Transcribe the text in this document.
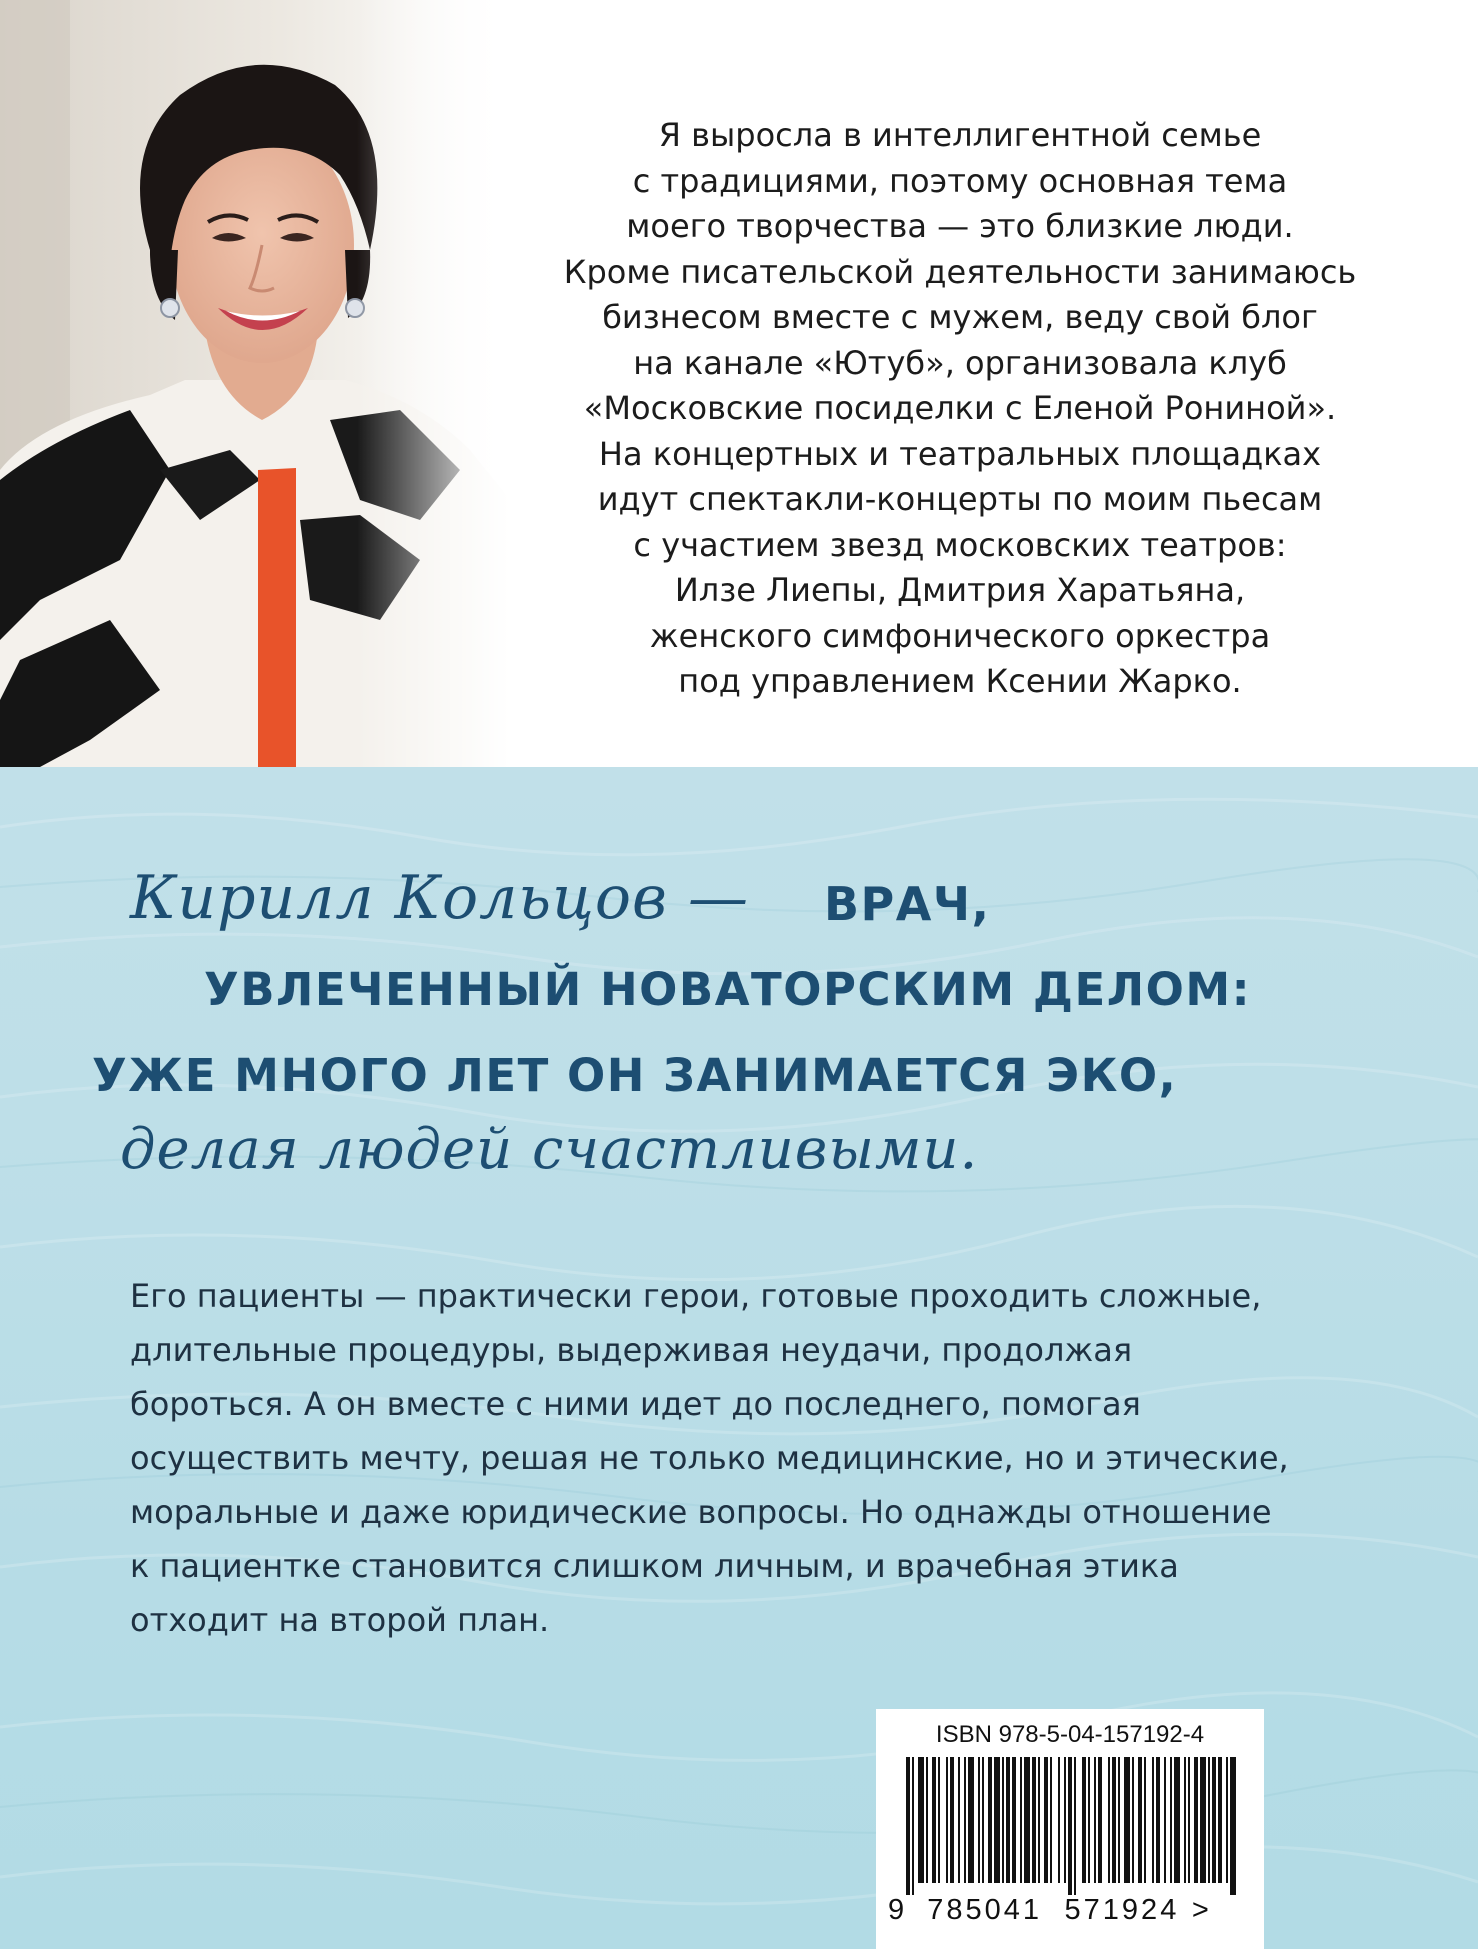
Я выросла в интеллигентной семье
с традициями, поэтому основная тема
моего творчества — это близкие люди.
Кроме писательской деятельности занимаюсь
бизнесом вместе с мужем, веду свой блог
на канале «Ютуб», организовала клуб
«Московские посиделки с Еленой Рониной».
На концертных и театральных площадках
идут спектакли-концерты по моим пьесам
с участием звезд московских театров:
Илзе Лиепы, Дмитрия Харатьяна,
женского симфонического оркестра
под управлением Ксении Жарко.
Кирилл Кольцов — ВРАЧ,
УВЛЕЧЕННЫЙ НОВАТОРСКИМ ДЕЛОМ:
УЖЕ МНОГО ЛЕТ ОН ЗАНИМАЕТСЯ ЭКО,
делая людей счастливыми.
Его пациенты — практически герои, готовые проходить сложные,
длительные процедуры, выдерживая неудачи, продолжая
бороться. А он вместе с ними идет до последнего, помогая
осуществить мечту, решая не только медицинские, но и этические,
моральные и даже юридические вопросы. Но однажды отношение
к пациентке становится слишком личным, и врачебная этика
отходит на второй план.
ISBN 978-5-04-157192-4
9 785041 571924 >
